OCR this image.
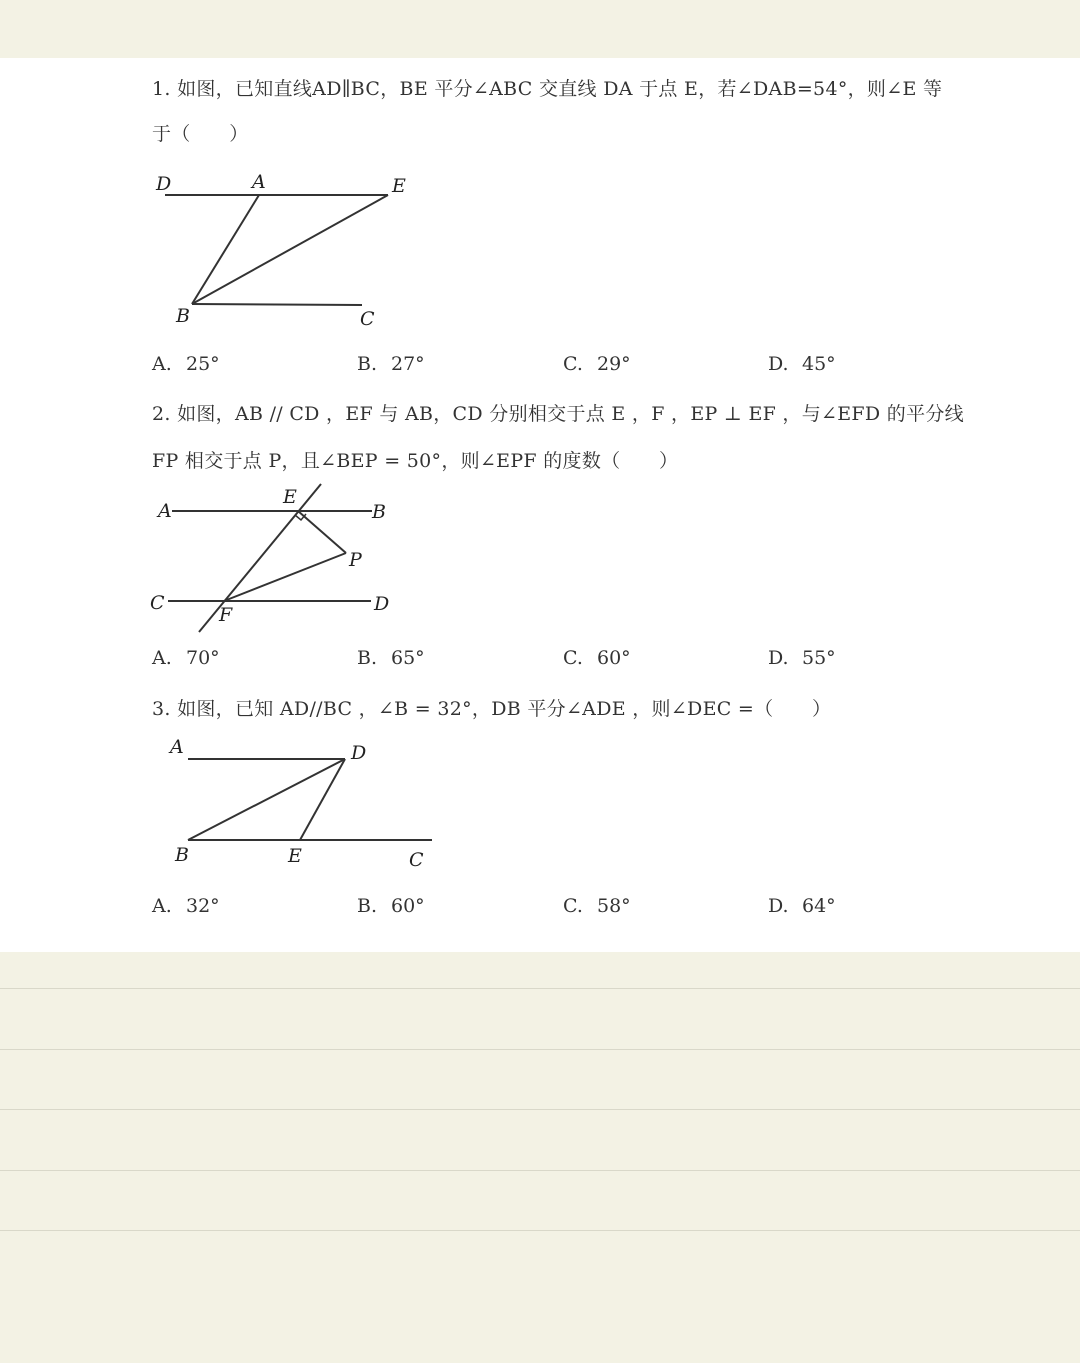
1. 如图，已知直线AD∥BC，BE 平分∠ABC 交直线 DA 于点 E，若∠DAB=54°，则∠E 等
于（　　）
D	A	E
B	C
A. 25°	B. 27°	C. 29°	D. 45°
2. 如图，AB // CD ，EF 与 AB，CD 分别相交于点 E ，F ，EP ⊥ EF ，与∠EFD 的平分线
FP 相交于点 P，且∠BEP = 50°，则∠EPF 的度数（　　）
A
E
B
P
C
F	D
A. 70°	B. 65°	C. 60°	D. 55°
3. 如图，已知 AD//BC ，∠B = 32°，DB 平分∠ADE ，则∠DEC =（　　）
A	D
B	E	C
A. 32°	B. 60°	C. 58°	D. 64°
